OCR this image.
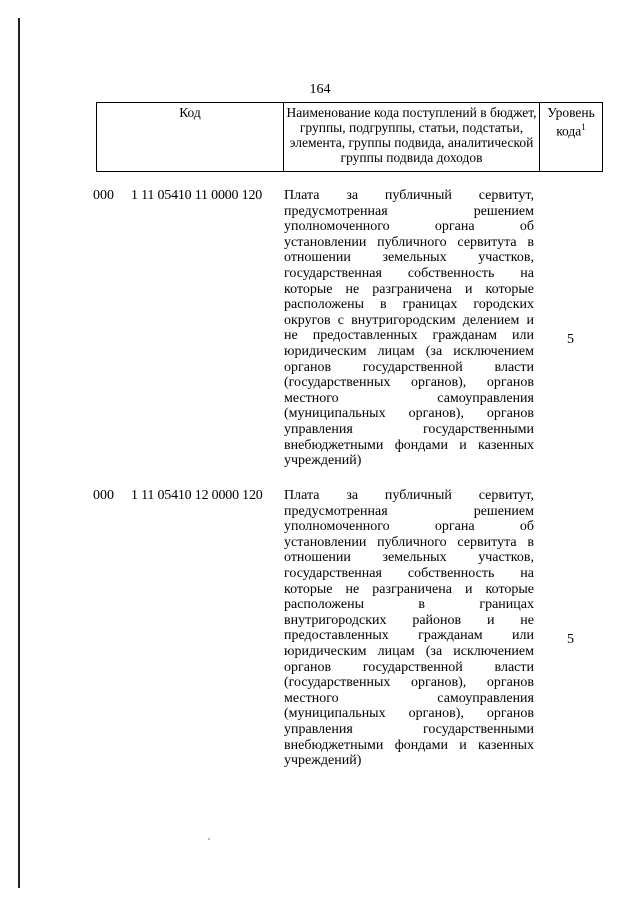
164
Код	Наименование кода поступлений в бюджет, группы, подгруппы, статьи, подстатьи, элемента, группы подвида, аналитической группы подвида доходов
Уровень кода$^1$
000 1 11 05410 11 0000 120 Плата за публичный сервитут, предусмотренная решением уполномоченного органа об установлении публичного сервитута в отношении земельных участков, государственная собственность на которые не разграничена и которые расположены в границах городских округов с внутригородским делением и не предоставленных гражданам или юридическим лицам (за исключением органов государственной власти (государственных органов), органов местного самоуправления (муниципальных органов), органов управления государственными внебюджетными фондами и казенных учреждений)
5
000 1 11 05410 12 0000 120 Плата за публичный сервитут, предусмотренная решением уполномоченного органа об установлении публичного сервитута в отношении земельных участков, государственная собственность на которые не разграничена и которые расположены в границах внутригородских районов и не предоставленных гражданам или юридическим лицам (за исключением органов государственной власти (государственных органов), органов местного самоуправления (муниципальных органов), органов управления государственными внебюджетными фондами и казенных учреждений)
5
